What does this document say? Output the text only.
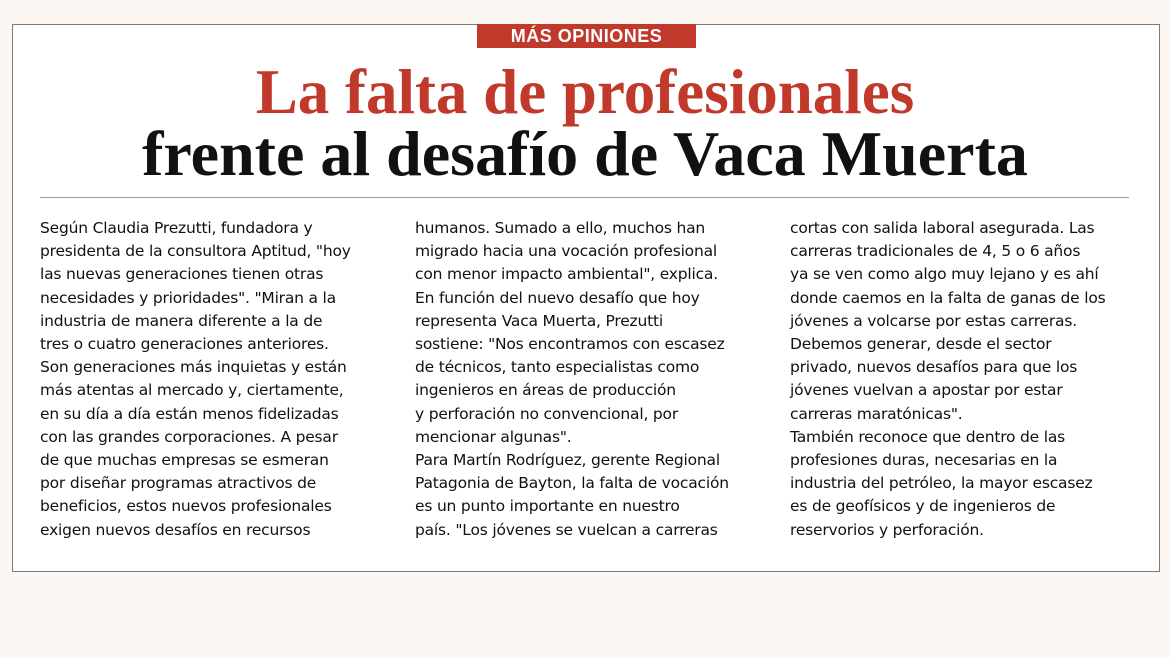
MÁS OPINIONES
La falta de profesionales
frente al desafío de Vaca Muerta
Según Claudia Prezutti, fundadora y
presidenta de la consultora Aptitud, "hoy
las nuevas generaciones tienen otras
necesidades y prioridades". "Miran a la
industria de manera diferente a la de
tres o cuatro generaciones anteriores.
Son generaciones más inquietas y están
más atentas al mercado y, ciertamente,
en su día a día están menos fidelizadas
con las grandes corporaciones. A pesar
de que muchas empresas se esmeran
por diseñar programas atractivos de
beneficios, estos nuevos profesionales
exigen nuevos desafíos en recursos
humanos. Sumado a ello, muchos han
migrado hacia una vocación profesional
con menor impacto ambiental", explica.
En función del nuevo desafío que hoy
representa Vaca Muerta, Prezutti
sostiene: "Nos encontramos con escasez
de técnicos, tanto especialistas como
ingenieros en áreas de producción
y perforación no convencional, por
mencionar algunas".
Para Martín Rodríguez, gerente Regional
Patagonia de Bayton, la falta de vocación
es un punto importante en nuestro
país. "Los jóvenes se vuelcan a carreras
cortas con salida laboral asegurada. Las
carreras tradicionales de 4, 5 o 6 años
ya se ven como algo muy lejano y es ahí
donde caemos en la falta de ganas de los
jóvenes a volcarse por estas carreras.
Debemos generar, desde el sector
privado, nuevos desafíos para que los
jóvenes vuelvan a apostar por estar
carreras maratónicas".
También reconoce que dentro de las
profesiones duras, necesarias en la
industria del petróleo, la mayor escasez
es de geofísicos y de ingenieros de
reservorios y perforación.
